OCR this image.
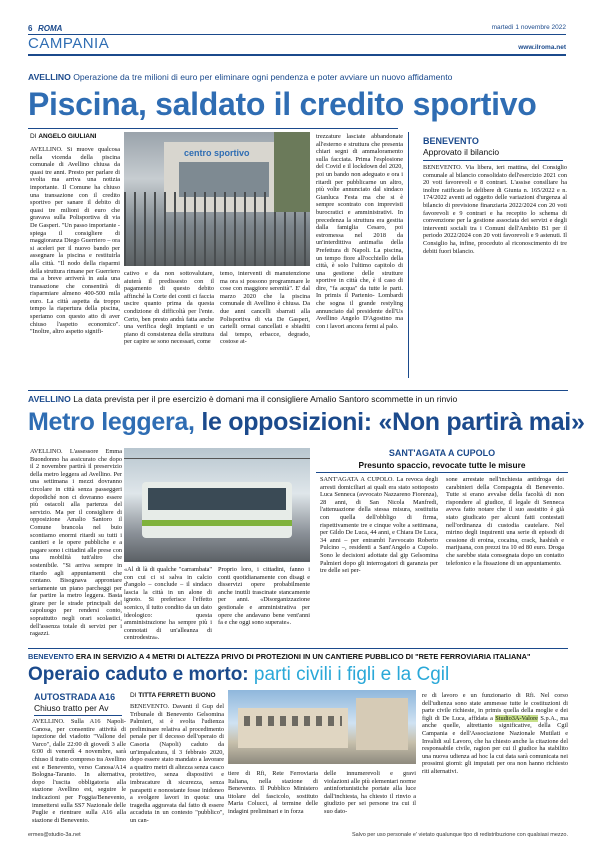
6 ROMA	martedì 1 novembre 2022
CAMPANIA	www.ilroma.net
AVELLINO Operazione da tre milioni di euro per eliminare ogni pendenza e poter avviare un nuovo affidamento
Piscina, saldato il credito sportivo
DI ANGELO GIULIANI
AVELLINO. Si muove qualcosa nella vicenda della piscina comunale di Avellino chiusa da quasi tre anni. Presto per parlare di svolta ma arriva una notizia importante. Il Comune ha chiuso una transazione con il credito sportivo per sanare il debito di quasi tre milioni di euro che gravava sulla Polisportiva di via De Gasperi. "Un passo importante - spiega il consigliere di maggioranza Diego Guerriero – ora si aceleri per il nuovo bando per assegnare la piscina e restituirla alla città. "Il nodo della risparmi della struttura rimane per Guerriero ma a breve arriverà in aula una transazione che consentirà di risparmiare almeno 400-500 mila euro. La città aspetta da troppo tempo la riapertura della piscina, speriamo con questo atto di aver chiuso l'aspetto economico". "Inoltre, altro aspetto signifi-
centro sportivo
cativo e da non sottovalutare, aiuterà il predissesto con il pagamento di questo debito affinché la Corte dei conti ci faccia uscire quanto prima da questa condizione di difficoltà per l'ente. Certo, ben presto andrà fatta anche una verifica degli impianti e un piano di consistenza della struttura per capire se sono necessari, come
temo, interventi di manutenzione ma ora si possono programmare le cose con maggiore serenità". E' dal marzo 2020 che la piscina comunale di Avellino è chiusa. Da due anni cancelli sbarrati alla Polisportiva di via De Gasperi, cartelli ormai cancellati e sbiaditi dal tempo, erbacce, degrado, costose at-
trezzature lasciate abbandonate all'esterno e struttura che presenta chiari segni di ammaloramento sulla facciata. Prima l'esplosione del Covid e il lockdown del 2020, poi un bando non adeguato e ora i ritardi per pubblicarne un altro, più volte annunciato dal sindaco Gianluca Festa ma che si è sempre scontrato con imprevisti burocratici e amministrativi. In precedenza la struttura era gestita dalla famiglia Cesaro, poi estromessa nel 2018 da un'interdittiva antimafia della Prefettura di Napoli. La piscina, un tempo fiore all'occhiello della città, è solo l'ultimo capitolo di una gestione delle strutture sportive in città che, è il caso di dire, "fa acqua" da tutte le parti. In primis il Partenio- Lombardi che sogna il grande restyling annunciato dal presidente dell'Us Avellino Angelo D'Agostino ma con i lavori ancora fermi al palo.
BENEVENTO
Approvato il bilancio
BENEVENTO. Via libera, ieri mattina, del Consiglio comunale al bilancio consolidato dell'esercizio 2021 con 20 voti favorevoli e 8 contrari. L'assise consiliare ha inoltre ratificato le delibere di Giunta n. 165/2022 e n. 174/2022 aventi ad oggetto delle variazioni d'urgenza al bilancio di previsione finanziaria 2022/2024 con 20 voti favorevoli e 9 contrari e ha recepito lo schema di convenzione per la gestione associata dei servizi e degli interventi sociali tra i Comuni dell'Ambito B1 per il periodo 2022/2024 con 20 voti favorevoli e 9 astenuti. Il Consiglio ha, infine, proceduto al riconoscimento di tre debiti fuori bilancio.
AVELLINO La data prevista per il pre esercizio è domani ma il consigliere Amalio Santoro scommette in un rinvio
Metro leggera, le opposizioni: «Non partirà mai»
AVELLINO. L'assessore Emma Buondonno ha assicurato che dopo il 2 novembre partirà il preservizio della metro leggera ad Avellino. Per una settimana i mezzi dovranno circolare in città senza passeggeri dopodiché non ci dovranno essere più ostacoli alla partenza del servizio. Ma per il consigliere di opposizione Amalio Santoro il Comune brancola nel buio scontiamo enormi ritardi su tutti i cantieri e le opere pubbliche e a pagare sono i cittadini alle prese con una mobilità tutt'altro che sostenibile. "Si arriva sempre in ritardo agli appuntamenti che contano. Bisognava approntare seriamente un piano parcheggi per far partire la metro leggera. Basta girare per le strade principali del capoluogo per rendersi conto, soprattutto negli orari scolastici, dell'assenza totale di servizi per i ragazzi.
«Al di là di qualche "carrambata" con cui ci si salva in calcio d'angolo – conclude – il sindaco lascia la città in un alone di ignoto. Si preferisce l'effetto scenico, il tutto condito da un dato ideologico: questa amministrazione ha sempre più i connotati di un'alleanza di centrodestra».
Proprio loro, i cittadini, fanno i conti quotidianamente con disagi e disservizi opere probabilmente anche inutili trascinate stancamente per anni. «Disorganizzazione gestionale e amministrativa per opere che andavano bene vent'anni fa e che oggi sono superate».
SANT'AGATA A CUPOLO
Presunto spaccio, revocate tutte le misure
SANT'AGATA A CUPOLO. La revoca degli arresti domiciliari ai quali era stato sottoposto Luca Senneca (avvocato Nazzareno Fiorenza), 28 anni, di San Nicola Manfredi, l'attenuazione della stessa misura, sostituita con quella dell'obbligo di firma, rispettivamente tre e cinque volte a settimana, per Gildo De Luca, 44 anni, e Chiara De Luca, 34 anni – per entrambi l'avvocato Roberto Pulcino –, residenti a Sant'Angelo a Cupolo. Sono le decisioni adottate dal gip Gelsomina Palmieri dopo gli interrogatori di garanzia per tre delle sei per-
sone arrestate nell'inchiesta antidroga dei carabinieri della Compagnia di Benevento. Tutte si erano avvalse della facoltà di non rispondere al giudice, il legale di Senneca aveva fatto notare che il suo assistito è già stato giudicato per alcuni fatti contestati nell'ordinanza di custodia cautelare. Nel mirino degli inquirenti una serie di episodi di cessione di eroina, cocaina, crack, hashish e marijuana, con prezzi tra 10 ed 80 euro. Droga che sarebbe stata consegnata dopo un contatto telefonico e la fissazione di un appuntamento.
BENEVENTO ERA IN SERVIZIO A 4 METRI DI ALTEZZA PRIVO DI PROTEZIONI IN UN CANTIERE PUBBLICO DI "RETE FERROVIARIA ITALIANA"
Operaio caduto e morto: parti civili i figli e la Cgil
AUTOSTRADA A16
Chiuso tratto per Av
AVELLINO. Sulla A16 Napoli-Canosa, per consentire attività di ispezione del viadotto "Vallone del Varco", dalle 22:00 di giovedì 3 alle 6:00 di venerdì 4 novembre, sarà chiuso il tratto compreso tra Avellino est e Benevento, verso Canosa/A14 Bologna-Taranto. In alternativa, dopo l'uscita obbligatoria alla stazione Avellino est, seguire le indicazioni per Foggia/Benevento, immettersi sulla SS7 Nazionale delle Puglie e rientrare sulla A16 alla stazione di Benevento.
DI TITTA FERRETTI BUONO
BENEVENTO. Davanti il Gup del Tribunale di Benevento Gelsomina Palmieri, si è svolta l'udienza preliminare relativa al procedimento penale per il decesso dell'operaio di Casoria (Napoli) caduto da un'impalcatura, il 3 febbraio 2020, dopo essere stato mandato a lavorare a quattro metri di altezza senza casco protettivo, senza dispositivi e imbracature di sicurezza, senza parapetti e nonostante fosse inidoneo a svolgere lavori in quota: una tragedia aggravata dal fatto di essere accaduta in un contesto "pubblico", un can-
tiere di Rfi, Rete Ferroviaria Italiana, nella stazione di Benevento. Il Pubblico Ministero titolare del fascicolo, sostituto Maria Colucci, al termine delle indagini preliminari e in forza
delle innumerevoli e gravi violazioni alle più elementari norme antinfortunistiche portate alla luce dall'inchiesta, ha chiesto il rinvio a giudizio per sei persone tra cui il suo dato-
re di lavoro e un funzionario di Rfi. Nel corso dell'udienza sono state ammesse tutte le costituzioni di parte civile richieste, in primis quella della moglie e dei figli di De Luca, affidata a Studio3A-Valore S.p.A., ma anche quelle, altrettanto significative, della Cgil Campania e dell'Associazione Nazionale Mutilati e Invalidi sul Lavoro, che ha chiesto anche la citazione del responsabile civile, ragion per cui il giudice ha stabilito una nuova udienza ad hoc la cui data sarà comunicata nei prossimi giorni: gli imputati per ora non hanno richiesto riti alternativi.
ermes@studio-3a.net	Salvo per uso personale e' vietato qualunque tipo di redistribuzione con qualsiasi mezzo.
